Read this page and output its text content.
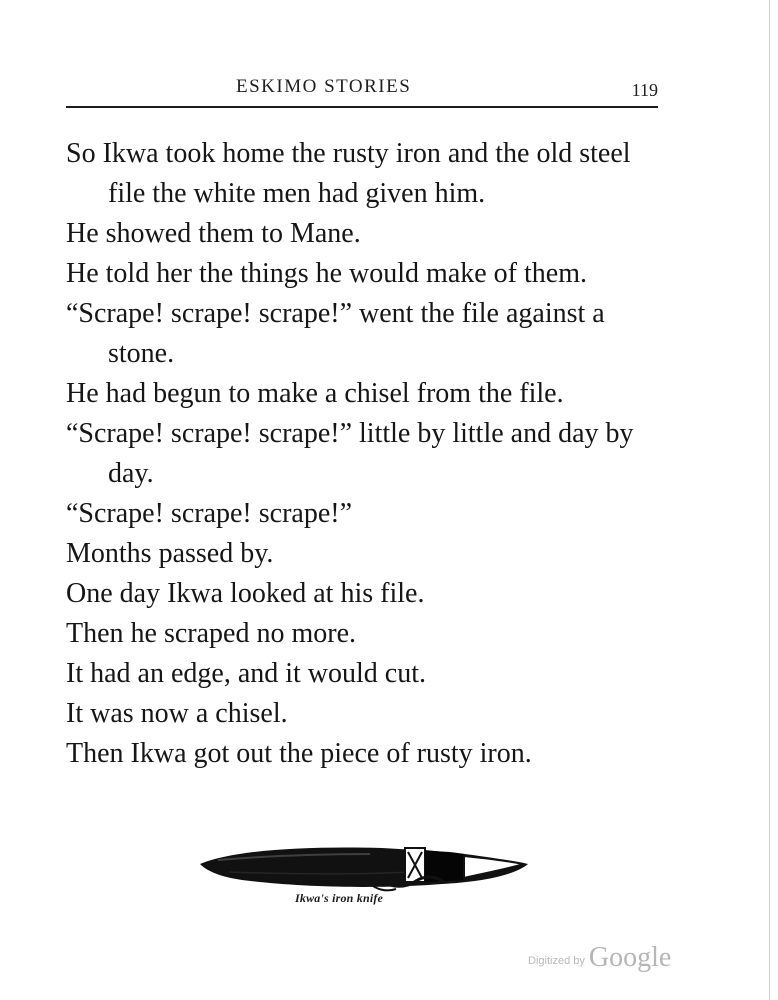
ESKIMO STORIES	119
So Ikwa took home the rusty iron and the old steel file the white men had given him.
He showed them to Mane.
He told her the things he would make of them.
“Scrape! scrape! scrape!” went the file against a stone.
He had begun to make a chisel from the file.
“Scrape! scrape! scrape!” little by little and day by day.
“Scrape! scrape! scrape!”
Months passed by.
One day Ikwa looked at his file.
Then he scraped no more.
It had an edge, and it would cut.
It was now a chisel.
Then Ikwa got out the piece of rusty iron.
Ikwa's iron knife
Digitized by Google
